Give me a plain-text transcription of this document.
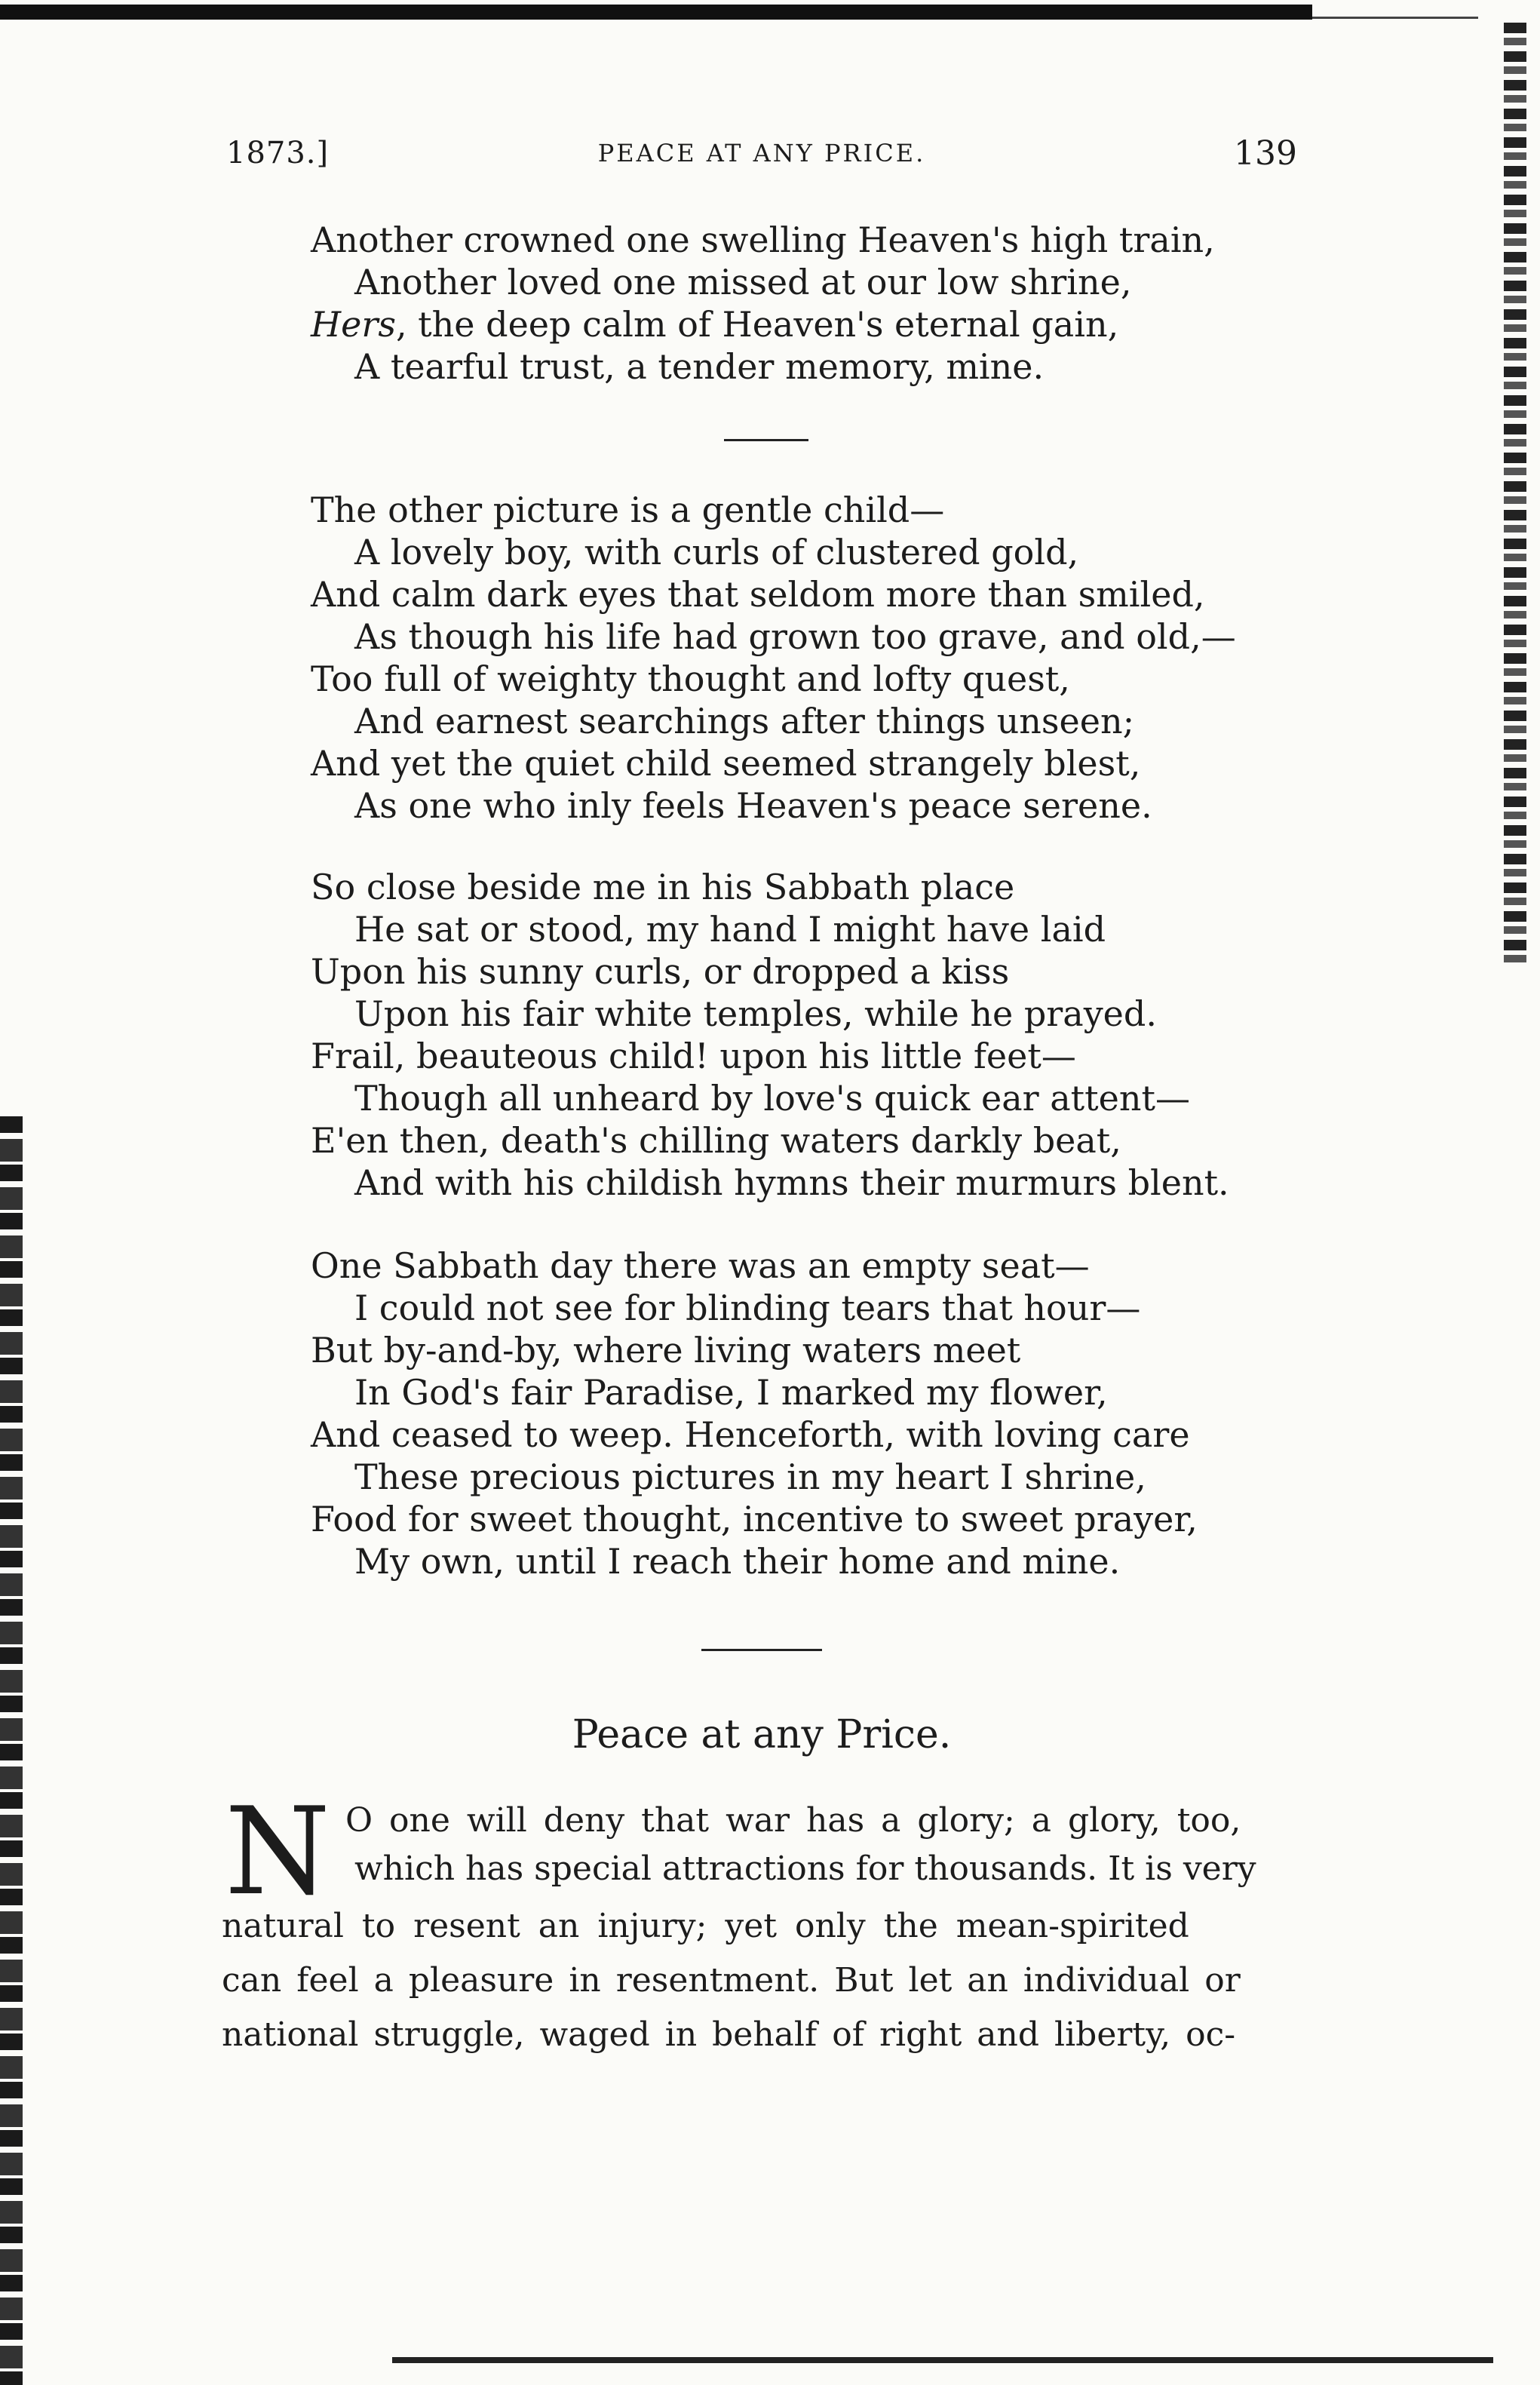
1873.]	PEACE AT ANY PRICE.	139
Another crowned one swelling Heaven's high train,
Another loved one missed at our low shrine,
Hers, the deep calm of Heaven's eternal gain,
A tearful trust, a tender memory, mine.
The other picture is a gentle child—
A lovely boy, with curls of clustered gold,
And calm dark eyes that seldom more than smiled,
As though his life had grown too grave, and old,—
Too full of weighty thought and lofty quest,
And earnest searchings after things unseen;
And yet the quiet child seemed strangely blest,
As one who inly feels Heaven's peace serene.
So close beside me in his Sabbath place
He sat or stood, my hand I might have laid
Upon his sunny curls, or dropped a kiss
Upon his fair white temples, while he prayed.
Frail, beauteous child! upon his little feet—
Though all unheard by love's quick ear attent—
E'en then, death's chilling waters darkly beat,
And with his childish hymns their murmurs blent.
One Sabbath day there was an empty seat—
I could not see for blinding tears that hour—
But by-and-by, where living waters meet
In God's fair Paradise, I marked my flower,
And ceased to weep. Henceforth, with loving care
These precious pictures in my heart I shrine,
Food for sweet thought, incentive to sweet prayer,
My own, until I reach their home and mine.
Peace at any Price.
N O one will deny that war has a glory; a glory, too,
which has special attractions for thousands. It is very
natural to resent an injury; yet only the mean-spirited
can feel a pleasure in resentment. But let an individual or
national struggle, waged in behalf of right and liberty, oc-
